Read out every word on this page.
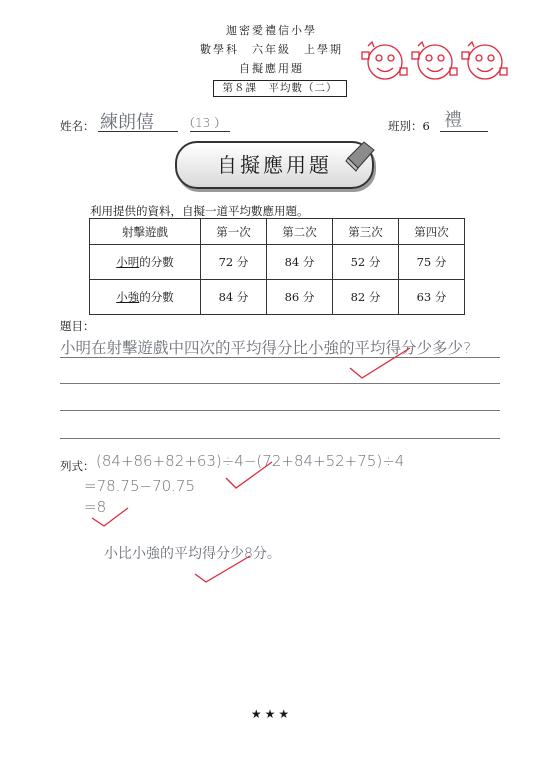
迦密愛禮信小學
數學科　六年級　上學期
自擬應用題
第８課　平均數（二）
姓名： 練朗僖 （13 ）	班別：6 禮
自擬應用題
利用提供的資料，自擬一道平均數應用題。
射擊遊戲	第一次	第二次	第三次	第四次
小明的分數	72 分	84 分	52 分	75 分
小強的分數	84 分	86 分	82 分	63 分
題目：
小明在射擊遊戲中四次的平均得分比小強的平均得分少多少?
列式： (84+86+82+63)÷4−(72+84+52+75)÷4
=78.75−70.75
=8
小比小強的平均得分少8分。
★★★
